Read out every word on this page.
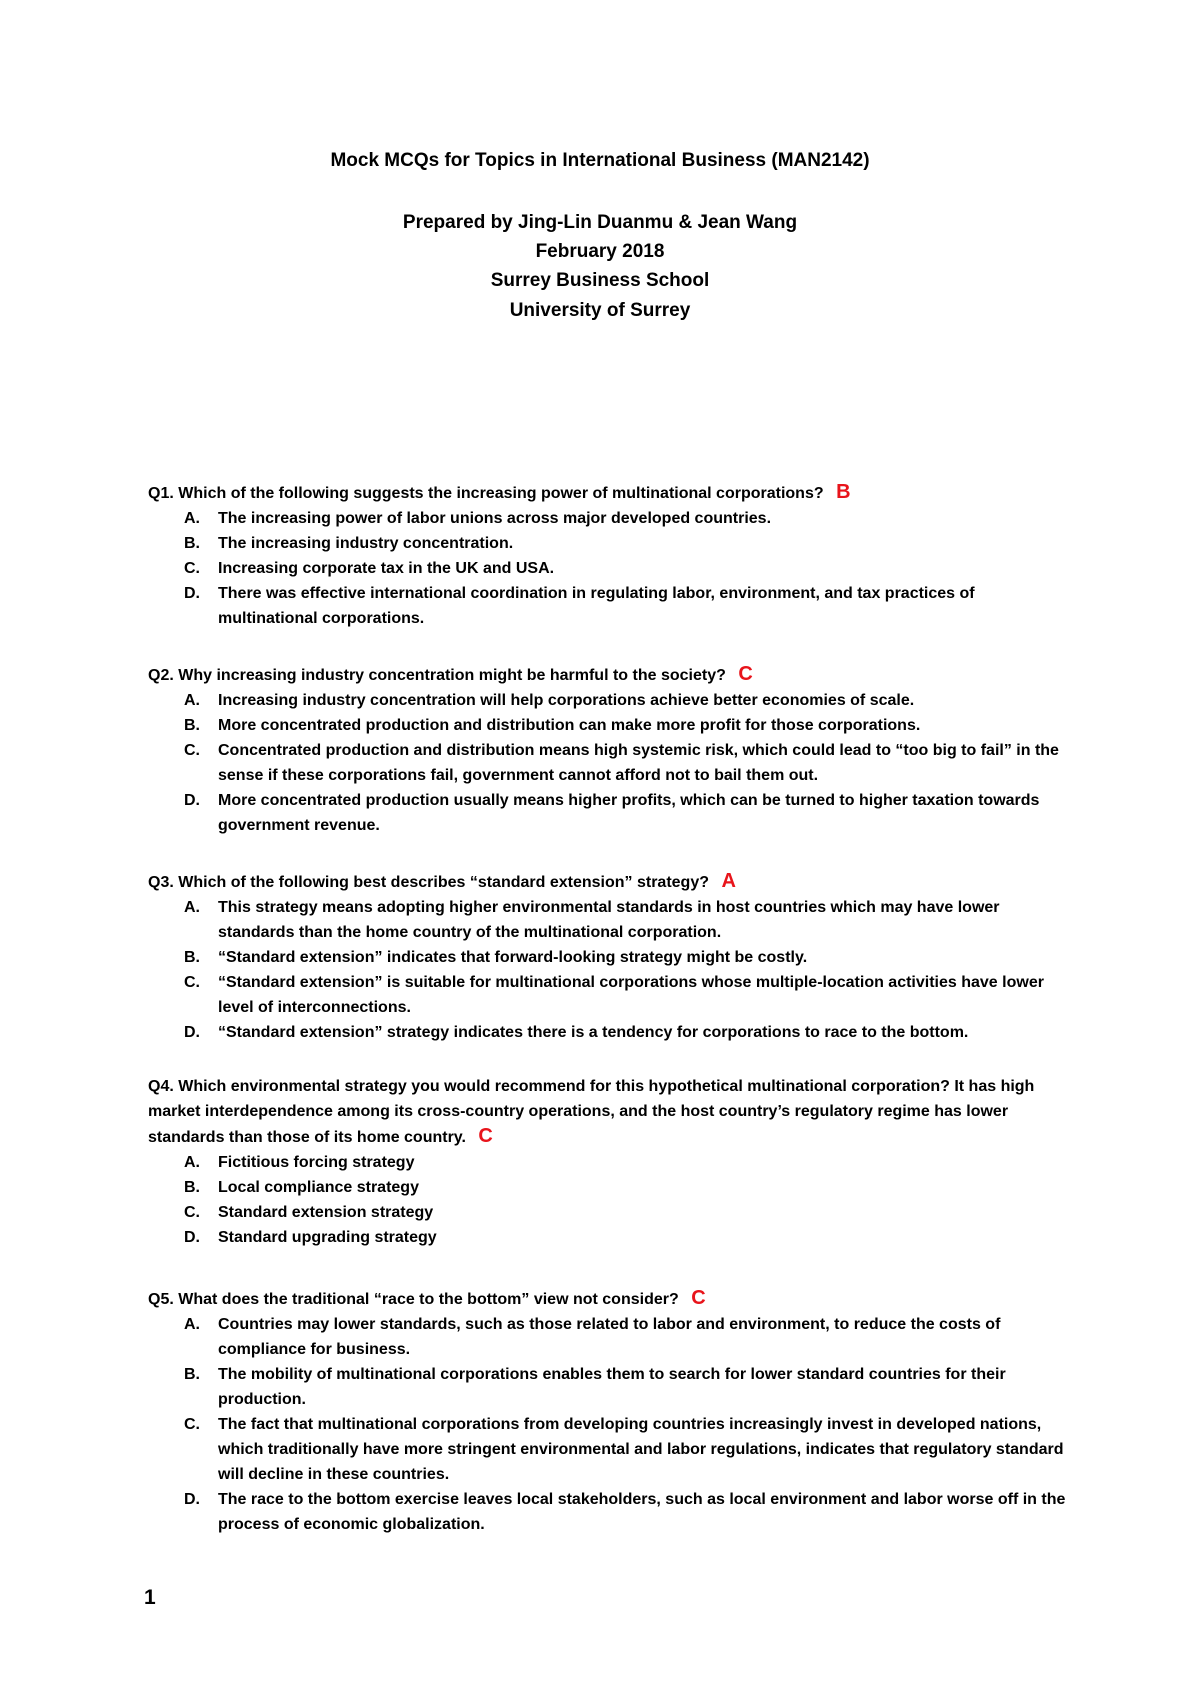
Mock MCQs for Topics in International Business (MAN2142)
Prepared by Jing-Lin Duanmu & Jean Wang
February 2018
Surrey Business School
University of Surrey

Q1. Which of the following suggests the increasing power of multinational corporations? B

A.	The increasing power of labor unions across major developed countries.
B.	The increasing industry concentration.
C.	Increasing corporate tax in the UK and USA.
D.	There was effective international coordination in regulating labor, environment, and tax practices of multinational corporations.

Q2. Why increasing industry concentration might be harmful to the society? C

A.	Increasing industry concentration will help corporations achieve better economies of scale.
B.	More concentrated production and distribution can make more profit for those corporations.
C.	Concentrated production and distribution means high systemic risk, which could lead to “too big to fail” in the sense if these corporations fail, government cannot afford not to bail them out.
D.	More concentrated production usually means higher profits, which can be turned to higher taxation towards government revenue.

Q3. Which of the following best describes “standard extension” strategy? A

A.	This strategy means adopting higher environmental standards in host countries which may have lower standards than the home country of the multinational corporation.
B.	“Standard extension” indicates that forward-looking strategy might be costly.
C.	“Standard extension” is suitable for multinational corporations whose multiple-location activities have lower level of interconnections.
D.	“Standard extension” strategy indicates there is a tendency for corporations to race to the bottom.

Q4. Which environmental strategy you would recommend for this hypothetical multinational corporation? It has high market interdependence among its cross-country operations, and the host country’s regulatory regime has lower standards than those of its home country. C

A.	Fictitious forcing strategy
B.	Local compliance strategy
C.	Standard extension strategy
D.	Standard upgrading strategy

Q5. What does the traditional “race to the bottom” view not consider? C

A.	Countries may lower standards, such as those related to labor and environment, to reduce the costs of compliance for business.
B.	The mobility of multinational corporations enables them to search for lower standard countries for their production.
C.	The fact that multinational corporations from developing countries increasingly invest in developed nations, which traditionally have more stringent environmental and labor regulations, indicates that regulatory standard will decline in these countries.
D.	The race to the bottom exercise leaves local stakeholders, such as local environment and labor worse off in the process of economic globalization.
1
